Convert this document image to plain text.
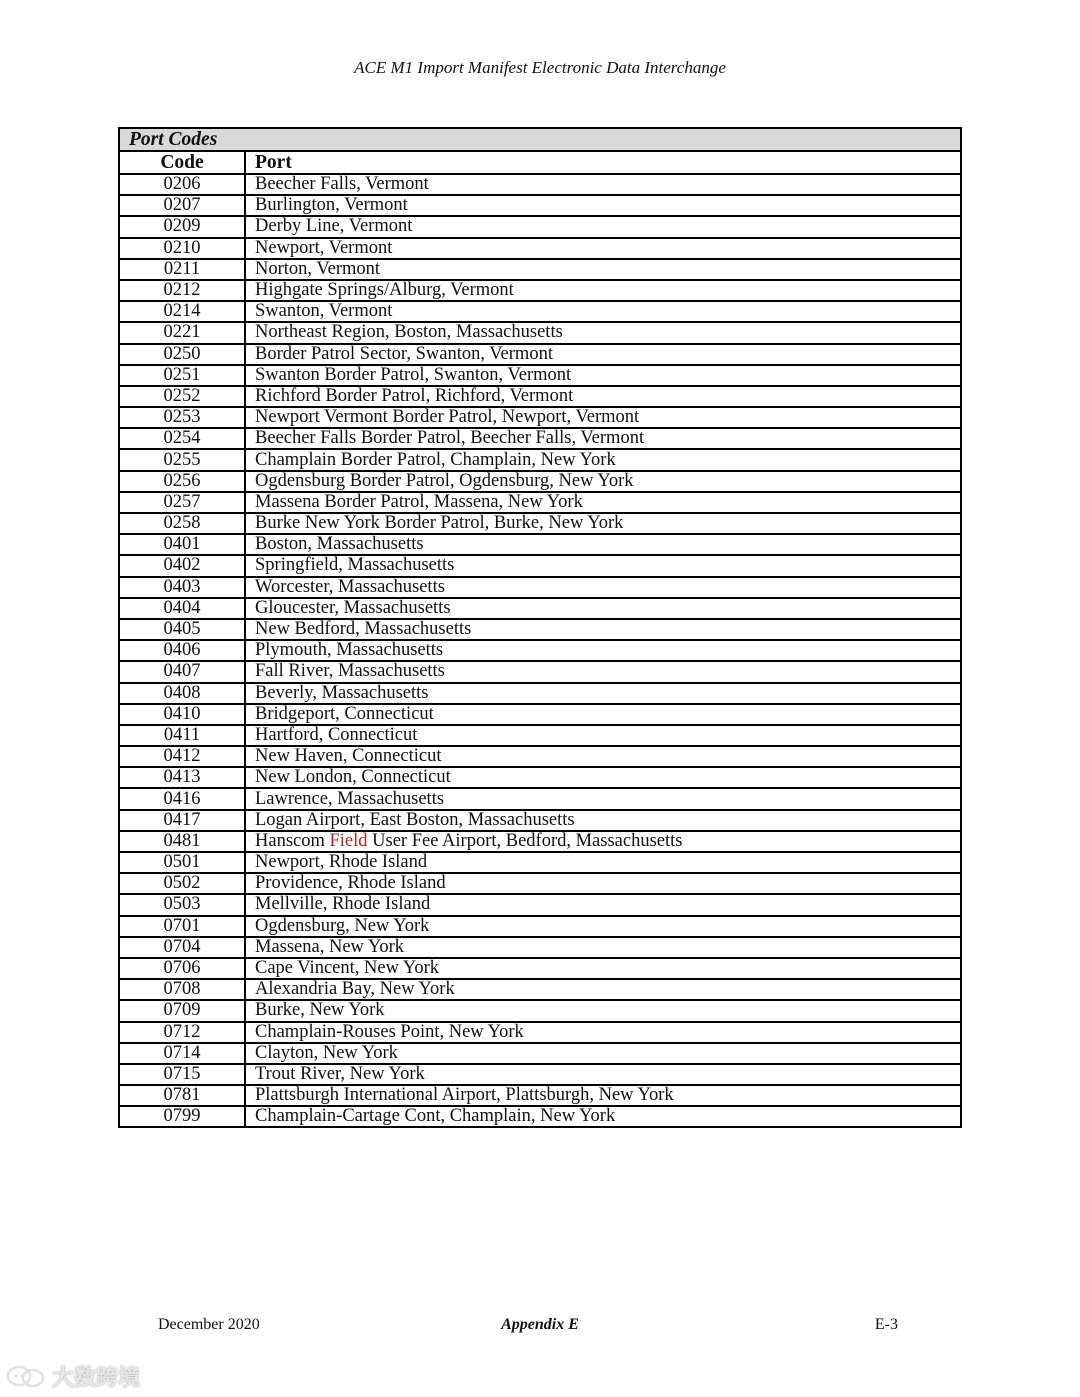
ACE M1 Import Manifest Electronic Data Interchange
Port Codes	
Code	Port
0206	Beecher Falls, Vermont
0207	Burlington, Vermont
0209	Derby Line, Vermont
0210	Newport, Vermont
0211	Norton, Vermont
0212	Highgate Springs/Alburg, Vermont
0214	Swanton, Vermont
0221	Northeast Region, Boston, Massachusetts
0250	Border Patrol Sector, Swanton, Vermont
0251	Swanton Border Patrol, Swanton, Vermont
0252	Richford Border Patrol, Richford, Vermont
0253	Newport Vermont Border Patrol, Newport, Vermont
0254	Beecher Falls Border Patrol, Beecher Falls, Vermont
0255	Champlain Border Patrol, Champlain, New York
0256	Ogdensburg Border Patrol, Ogdensburg, New York
0257	Massena Border Patrol, Massena, New York
0258	Burke New York Border Patrol, Burke, New York
0401	Boston, Massachusetts
0402	Springfield, Massachusetts
0403	Worcester, Massachusetts
0404	Gloucester, Massachusetts
0405	New Bedford, Massachusetts
0406	Plymouth, Massachusetts
0407	Fall River, Massachusetts
0408	Beverly, Massachusetts
0410	Bridgeport, Connecticut
0411	Hartford, Connecticut
0412	New Haven, Connecticut
0413	New London, Connecticut
0416	Lawrence, Massachusetts
0417	Logan Airport, East Boston, Massachusetts
0481	Hanscom Field User Fee Airport, Bedford, Massachusetts
0501	Newport, Rhode Island
0502	Providence, Rhode Island
0503	Mellville, Rhode Island
0701	Ogdensburg, New York
0704	Massena, New York
0706	Cape Vincent, New York
0708	Alexandria Bay, New York
0709	Burke, New York
0712	Champlain-Rouses Point, New York
0714	Clayton, New York
0715	Trout River, New York
0781	Plattsburgh International Airport, Plattsburgh, New York
0799	Champlain-Cartage Cont, Champlain, New York
December 2020	Appendix E	E-3
大数跨境
